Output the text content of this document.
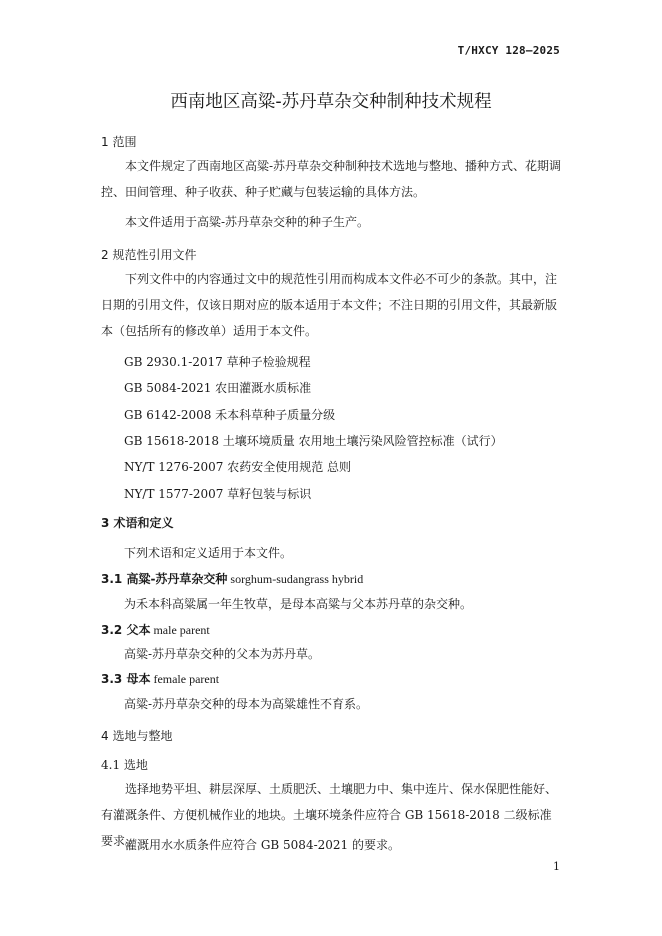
T/HXCY 128—2025
西南地区高粱-苏丹草杂交种制种技术规程
1 范围
本文件规定了西南地区高粱-苏丹草杂交种制种技术选地与整地、播种方式、花期调控、田间管理、种子收获、种子贮藏与包装运输的具体方法。
本文件适用于高粱-苏丹草杂交种的种子生产。
2 规范性引用文件
下列文件中的内容通过文中的规范性引用而构成本文件必不可少的条款。其中，注日期的引用文件，仅该日期对应的版本适用于本文件；不注日期的引用文件，其最新版本（包括所有的修改单）适用于本文件。
GB 2930.1-2017 草种子检验规程
GB 5084-2021 农田灌溉水质标准
GB 6142-2008 禾本科草种子质量分级
GB 15618-2018 土壤环境质量 农用地土壤污染风险管控标准（试行）
NY/T 1276-2007 农药安全使用规范 总则
NY/T 1577-2007 草籽包装与标识
3 术语和定义
下列术语和定义适用于本文件。
3.1 高粱-苏丹草杂交种 sorghum-sudangrass hybrid
为禾本科高粱属一年生牧草，是母本高粱与父本苏丹草的杂交种。
3.2 父本 male parent
高粱-苏丹草杂交种的父本为苏丹草。
3.3 母本 female parent
高粱-苏丹草杂交种的母本为高粱雄性不育系。
4 选地与整地
4.1 选地
选择地势平坦、耕层深厚、土质肥沃、土壤肥力中、集中连片、保水保肥性能好、有灌溉条件、方便机械作业的地块。土壤环境条件应符合 GB 15618-2018 二级标准要求。
灌溉用水水质条件应符合 GB 5084-2021 的要求。
1
